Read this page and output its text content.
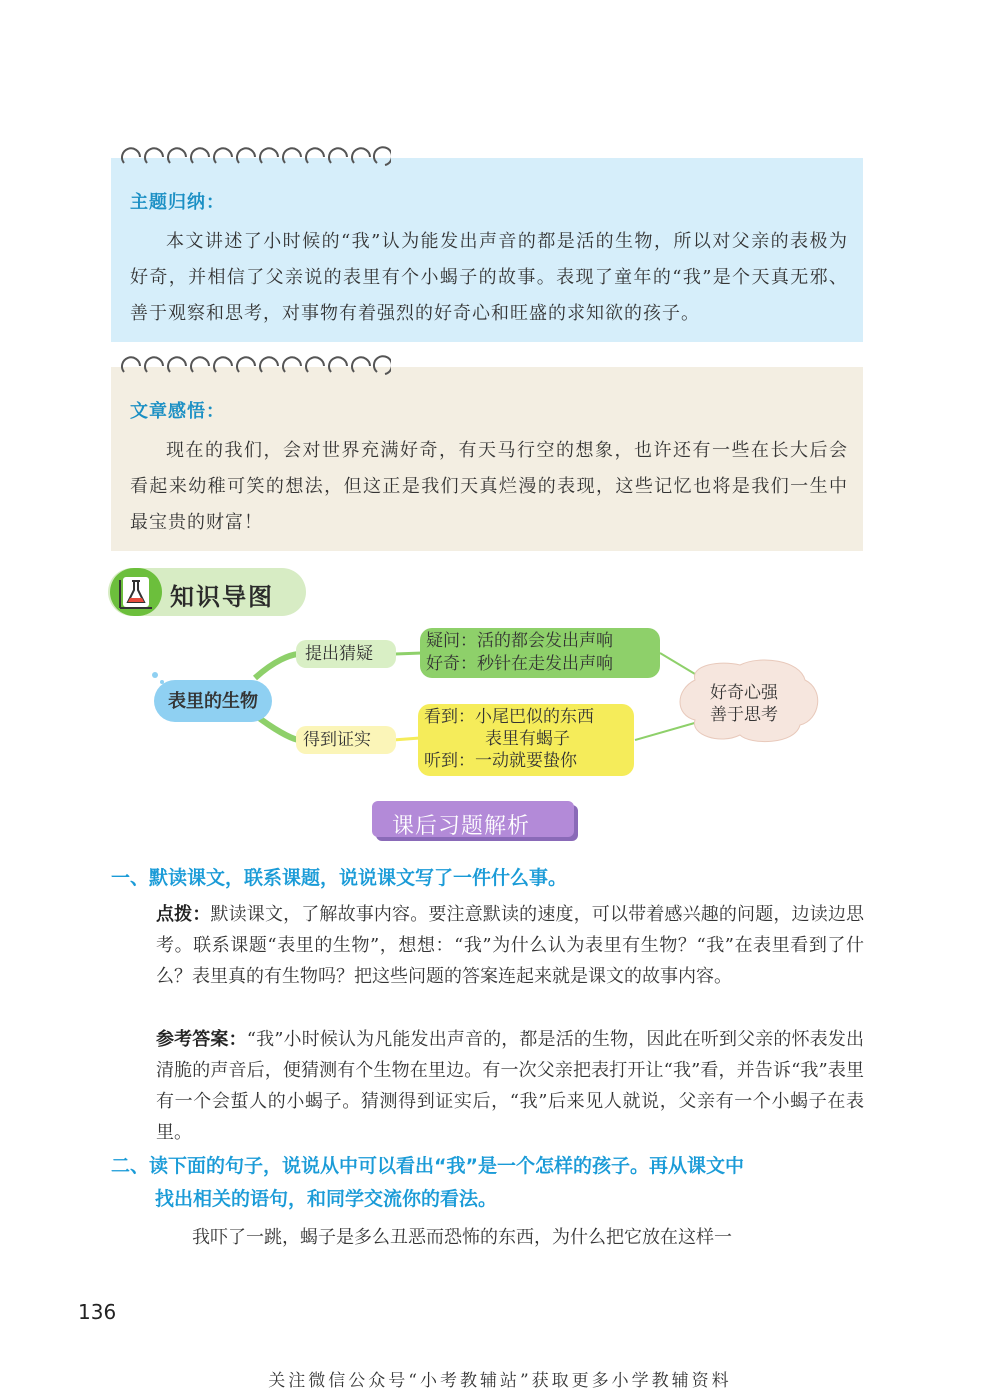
主题归纳：
本文讲述了小时候的“我”认为能发出声音的都是活的生物，所以对父亲的表极为好奇，并相信了父亲说的表里有个小蝎子的故事。表现了童年的“我”是个天真无邪、善于观察和思考，对事物有着强烈的好奇心和旺盛的求知欲的孩子。
文章感悟：
现在的我们，会对世界充满好奇，有天马行空的想象，也许还有一些在长大后会看起来幼稚可笑的想法，但这正是我们天真烂漫的表现，这些记忆也将是我们一生中最宝贵的财富！
知识导图
表里的生物
提出猜疑
得到证实
疑问：活的都会发出声响
好奇：秒针在走发出声响
看到：小尾巴似的东西
表里有蝎子
听到：一动就要蛰你
好奇心强
善于思考
课后习题解析
一、默读课文，联系课题，说说课文写了一件什么事。
点拨：默读课文，了解故事内容。要注意默读的速度，可以带着感兴趣的问题，边读边思考。联系课题“表里的生物”，想想：“我”为什么认为表里有生物？“我”在表里看到了什么？表里真的有生物吗？把这些问题的答案连起来就是课文的故事内容。
参考答案：“我”小时候认为凡能发出声音的，都是活的生物，因此在听到父亲的怀表发出清脆的声音后，便猜测有个生物在里边。有一次父亲把表打开让“我”看，并告诉“我”表里有一个会蜇人的小蝎子。猜测得到证实后，“我”后来见人就说，父亲有一个小蝎子在表里。
二、读下面的句子，说说从中可以看出“我”是一个怎样的孩子。再从课文中
找出相关的语句，和同学交流你的看法。
我吓了一跳，蝎子是多么丑恶而恐怖的东西，为什么把它放在这样一
136
关注微信公众号“小考教辅站”获取更多小学教辅资料
